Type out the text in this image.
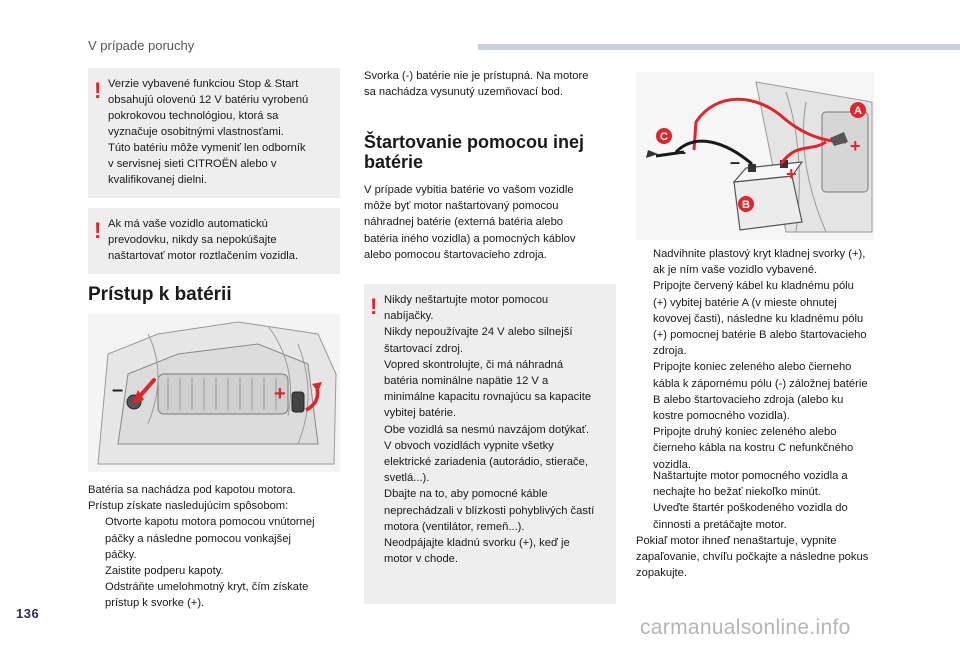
V prípade poruchy
! Verzie vybavené funkciou Stop & Start

obsahujú olovenú 12 V batériu vyrobenú

pokrokovou technológiou, ktorá sa

vyznačuje osobitnými vlastnosťami.

Túto batériu môže vymeniť len odborník

v servisnej sieti CITROËN alebo v

kvalifikovanej dielni.

! Ak má vaše vozidlo automatickú

prevodovku, nikdy sa nepokúšajte

naštartovať motor roztlačením vozidla.

Prístup k batérii
–	+
Batéria sa nachádza pod kapotou motora.
Prístup získate nasledujúcim spôsobom:
Otvorte kapotu motora pomocou vnútornej
páčky a následne pomocou vonkajšej
páčky.
Zaistite podperu kapoty.
Odstráňte umelohmotný kryt, čím získate
prístup k svorke (+).
Svorka (-) batérie nie je prístupná. Na motore
sa nachádza vysunutý uzemňovací bod.
Štartovanie pomocou inej
batérie
V prípade vybitia batérie vo vašom vozidle
môže byť motor naštartovaný pomocou
náhradnej batérie (externá batéria alebo
batéria iného vozidla) a pomocných káblov
alebo pomocou štartovacieho zdroja.
! Nikdy neštartujte motor pomocou

nabíjačky.

Nikdy nepoužívajte 24 V alebo silnejší

štartovací zdroj.

Vopred skontrolujte, či má náhradná

batéria nominálne napätie 12 V a

minimálne kapacitu rovnajúcu sa kapacite

vybitej batérie.

Obe vozidlá sa nesmú navzájom dotýkať.

V obvoch vozidlách vypnite všetky

elektrické zariadenia (autorádio, stierače,

svetlá...).

Dbajte na to, aby pomocné káble

neprechádzali v blízkosti pohyblivých častí

motora (ventilátor, remeň...).

Neodpájajte kladnú svorku (+), keď je

motor v chode.

– –
+
+
A
B
C
Nadvihnite plastový kryt kladnej svorky (+),
ak je ním vaše vozidlo vybavené.
Pripojte červený kábel ku kladnému pólu
(+) vybitej batérie A (v mieste ohnutej
kovovej časti), následne ku kladnému pólu
(+) pomocnej batérie B alebo štartovacieho
zdroja.
Pripojte koniec zeleného alebo čierneho
kábla k zápornému pólu (-) záložnej batérie
B alebo štartovacieho zdroja (alebo ku
kostre pomocného vozidla).
Pripojte druhý koniec zeleného alebo
čierneho kábla na kostru C nefunkčného
vozidla.
Naštartujte motor pomocného vozidla a
nechajte ho bežať niekoľko minút.
Uveďte štartér poškodeného vozidla do
činnosti a pretáčajte motor.
Pokiaľ motor ihneď nenaštartuje, vypnite
zapaľovanie, chvíľu počkajte a následne pokus
zopakujte.
136
carmanualsonline.info
